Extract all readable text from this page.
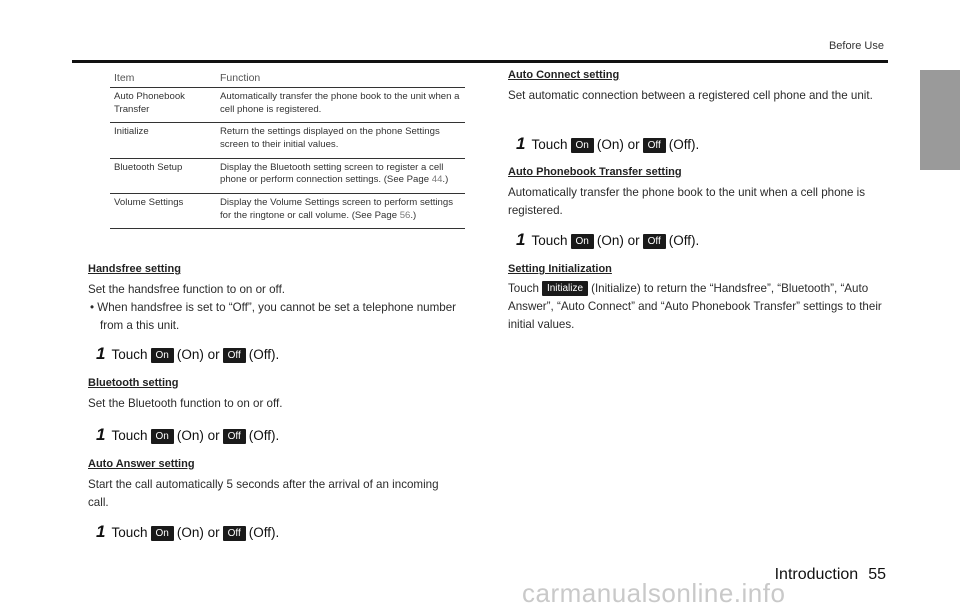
Before Use
Item	Function
Auto Phonebook Transfer	Automatically transfer the phone book to the unit when a cell phone is registered.
Initialize	Return the settings displayed on the phone Settings screen to their initial values.
Bluetooth Setup	Display the Bluetooth setting screen to register a cell phone or perform connection settings. (See Page 44.)
Volume Settings	Display the Volume Settings screen to perform settings for the ringtone or call volume. (See Page 56.)
Handsfree setting
Set the handsfree function to on or off.
• When handsfree is set to “Off”, you cannot be set a telephone number from a this unit.
1 Touch On (On) or Off (Off).
Bluetooth setting
Set the Bluetooth function to on or off.
1 Touch On (On) or Off (Off).
Auto Answer setting
Start the call automatically 5 seconds after the arrival of an incoming call.
1 Touch On (On) or Off (Off).
Auto Connect setting
Set automatic connection between a registered cell phone and the unit.
1 Touch On (On) or Off (Off).
Auto Phonebook Transfer setting
Automatically transfer the phone book to the unit when a cell phone is registered.
1 Touch On (On) or Off (Off).
Setting Initialization
Touch Initialize (Initialize) to return the “Handsfree”, “Bluetooth”, “Auto Answer”, “Auto Connect” and “Auto Phonebook Transfer” settings to their initial values.
Introduction 55
carmanualsonline.info
